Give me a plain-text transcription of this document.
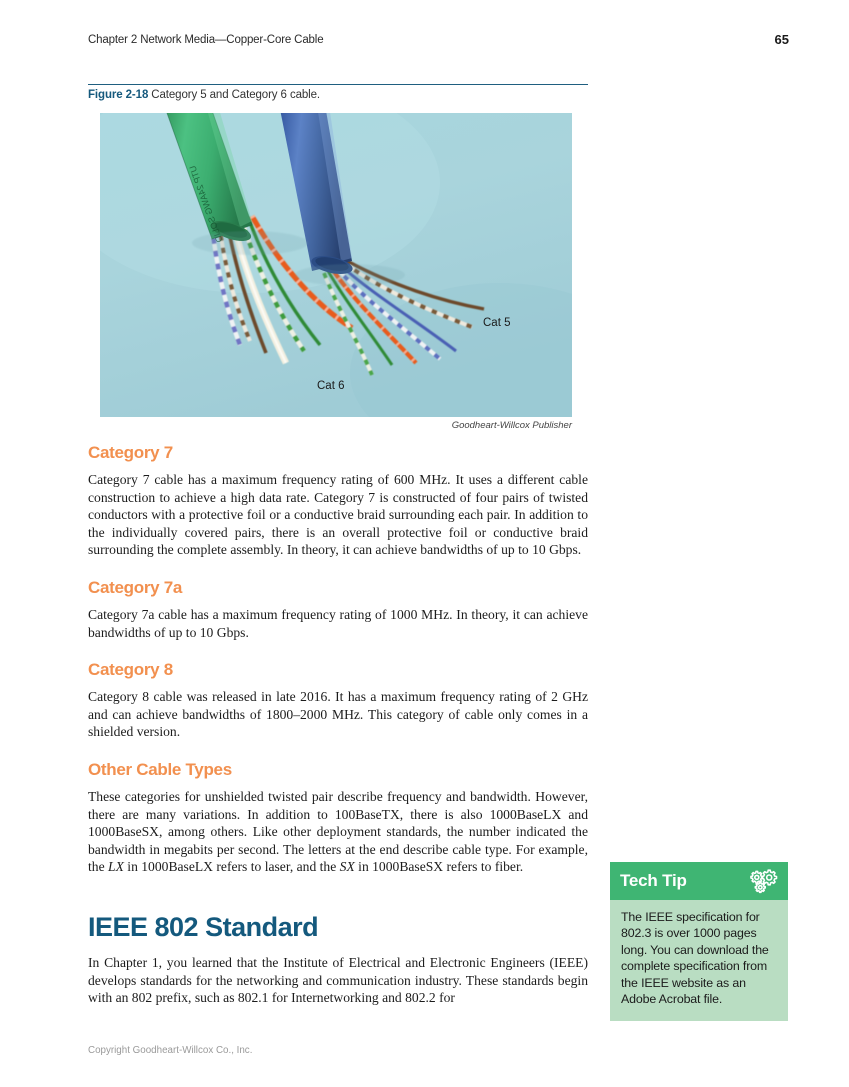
Chapter 2 Network Media—Copper-Core Cable	65
Figure 2-18 Category 5 and Category 6 cable.
UTP 24AWG SOLID
Cat 5
Cat 6
Goodheart-Willcox Publisher
Category 7

Category 7 cable has a maximum frequency rating of 600 MHz. It uses a different cable construction to achieve a high data rate. Category 7 is constructed of four pairs of twisted conductors with a protective foil or a conductive braid surrounding each pair. In addition to the individually covered pairs, there is an overall protective foil or conductive braid surrounding the complete assembly. In theory, it can achieve bandwidths of up to 10 Gbps.

Category 7a

Category 7a cable has a maximum frequency rating of 1000 MHz. In theory, it can achieve bandwidths of up to 10 Gbps.

Category 8

Category 8 cable was released in late 2016. It has a maximum frequency rating of 2 GHz and can achieve bandwidths of 1800–2000 MHz. This category of cable only comes in a shielded version.

Other Cable Types

These categories for unshielded twisted pair describe frequency and bandwidth. However, there are many variations. In addition to 100BaseTX, there is also 1000BaseLX and 1000BaseSX, among others. Like other deployment standards, the number indicated the bandwidth in megabits per second. The letters at the end describe cable type. For example, the LX in 1000BaseLX refers to laser, and the SX in 1000BaseSX refers to fiber.

IEEE 802 Standard

In Chapter 1, you learned that the Institute of Electrical and Electronic Engineers (IEEE) develops standards for the networking and communication industry. These standards begin with an 802 prefix, such as 802.1 for Internetworking and 802.2 for

Tech Tip

The IEEE specification for 802.3 is over 1000 pages long. You can download the complete specification from the IEEE website as an Adobe Acrobat file.

Copyright Goodheart-Willcox Co., Inc.
